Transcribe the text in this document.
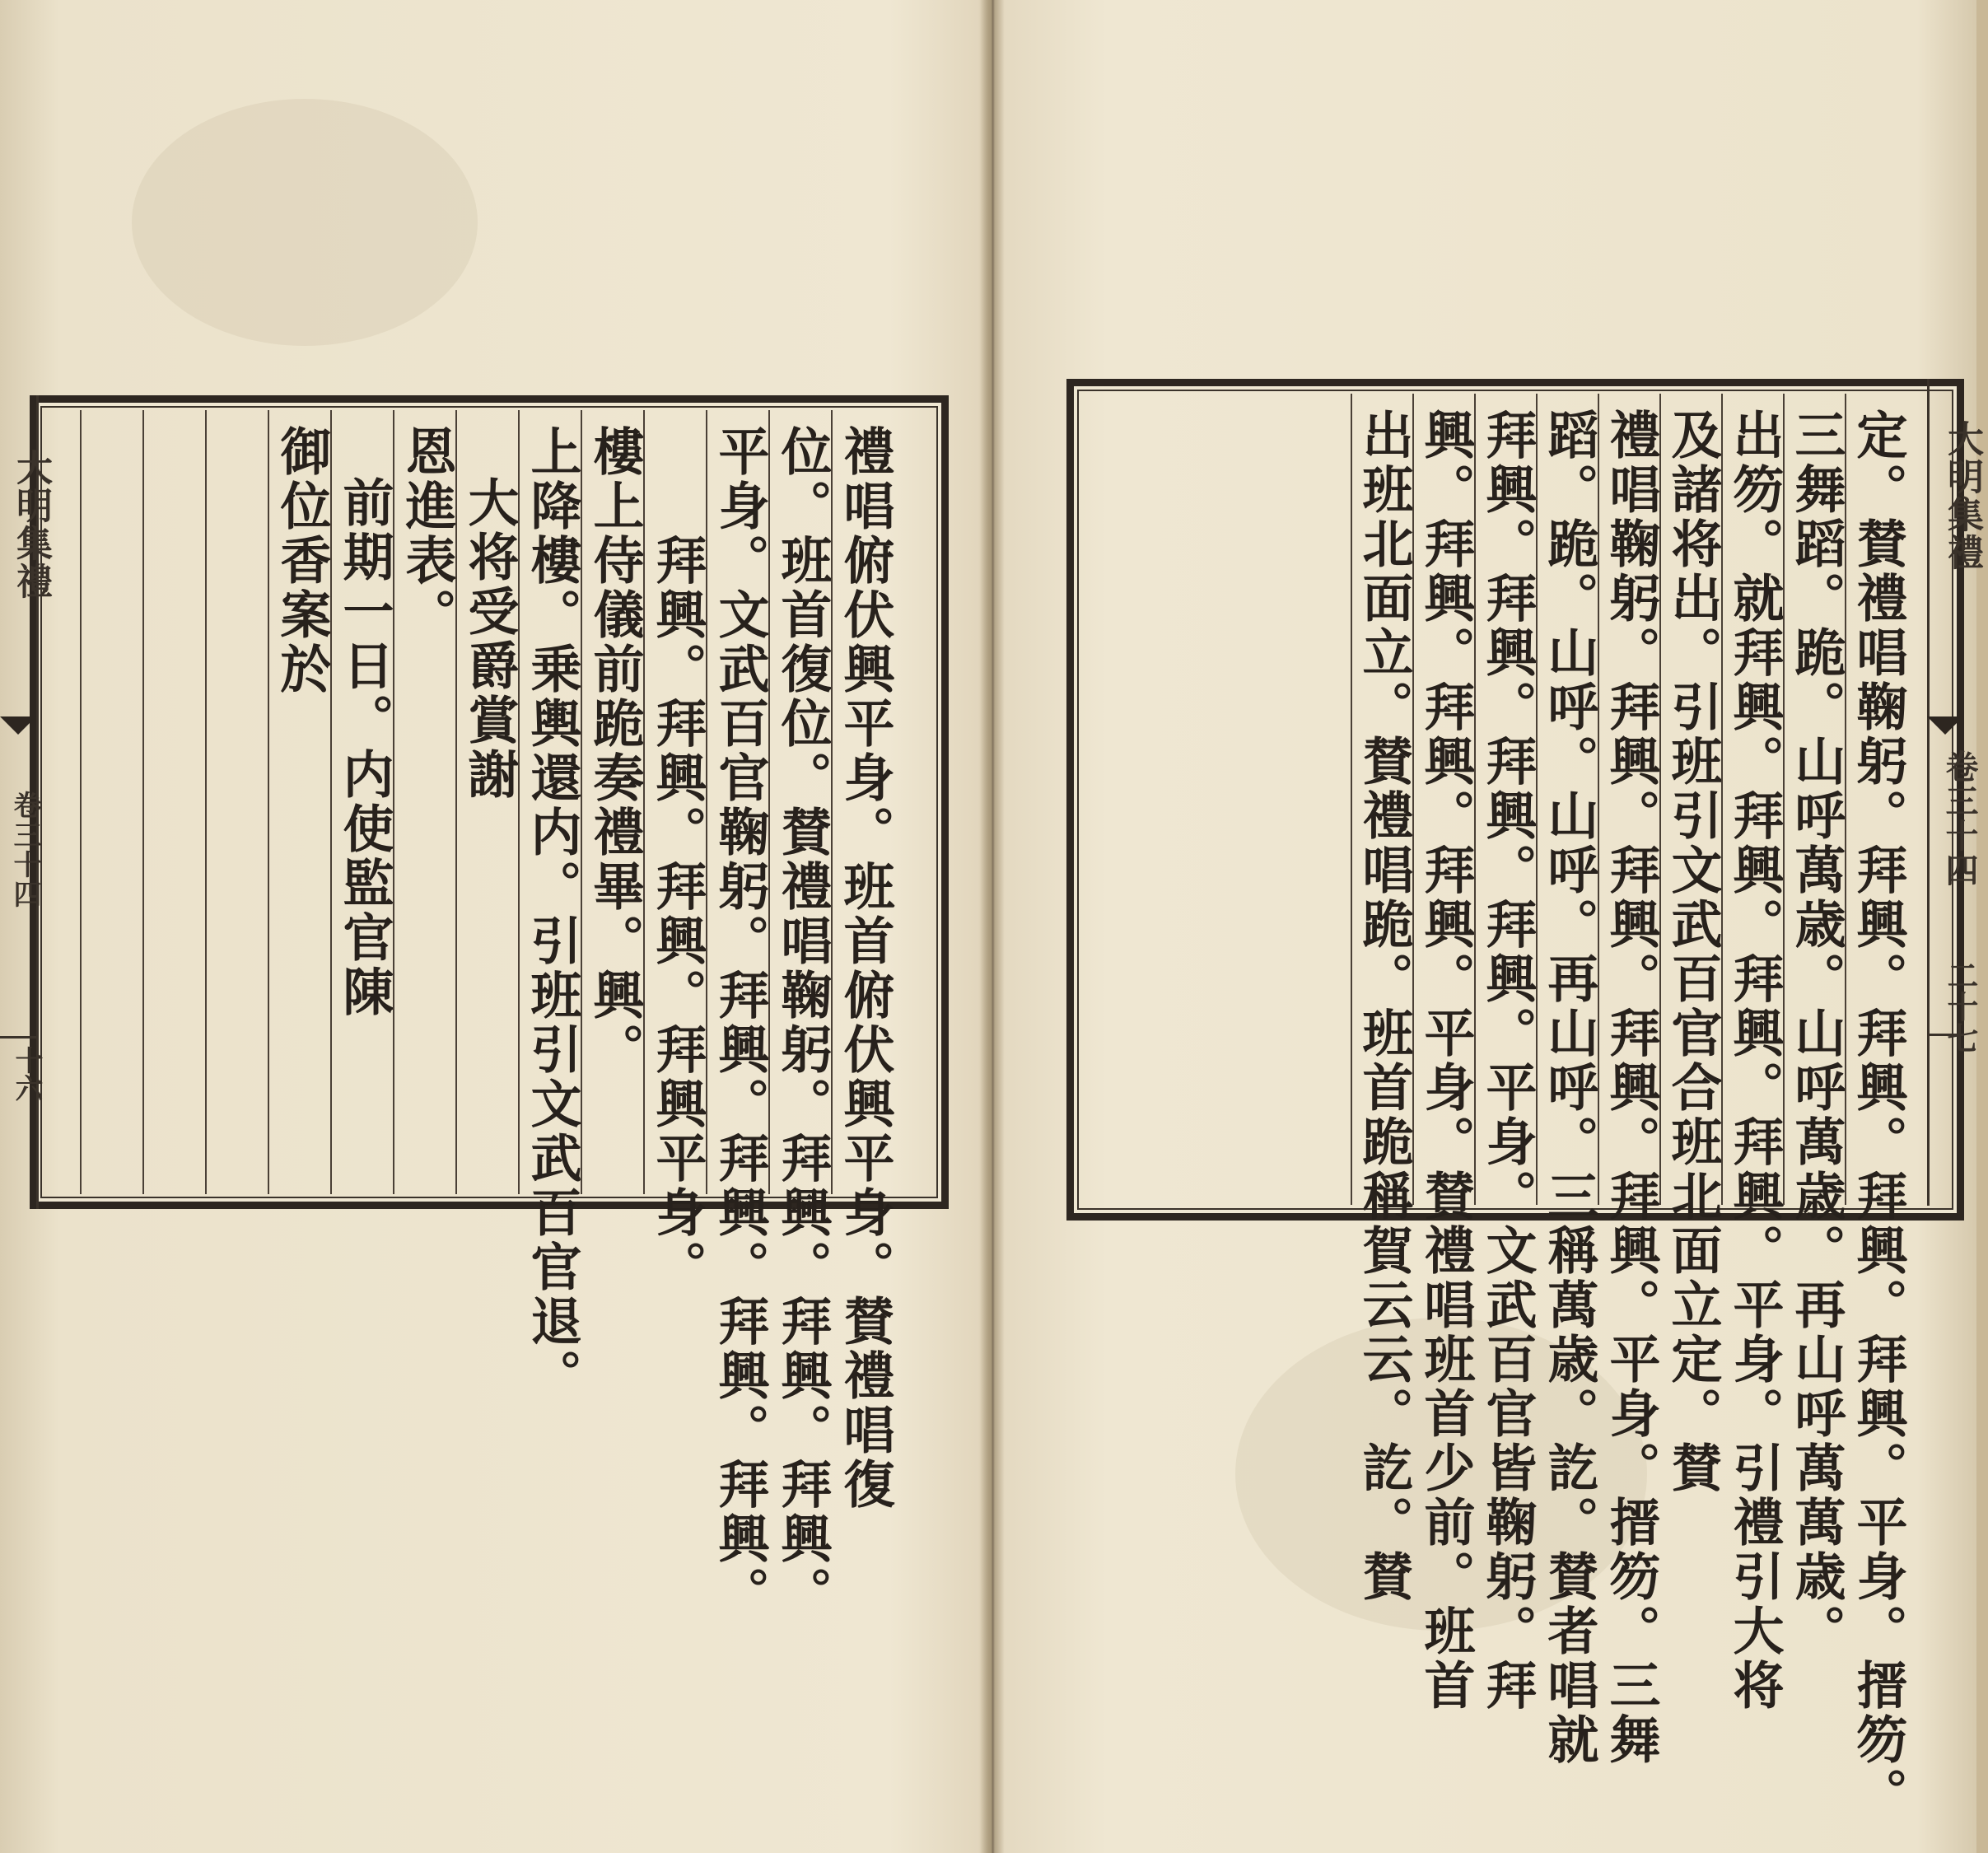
大明集禮
卷三十四
十六	禮唱俯伏興平身。班首俯伏興平身。賛禮唱復
位。班首復位。賛禮唱鞠躬。拜興。拜興。拜興。
平身。文武百官鞠躬。拜興。拜興。拜興。拜興。
拜興。拜興。拜興。拜興平身。
樓上侍儀前跪奏禮畢。興。
上降樓。乗輿還内。引班引文武百官退。
大将受爵賞謝
恩進表。
前期一日。内使監官陳
御位香案於	大明集禮
卷三十四
二十七
定。賛禮唱鞠躬。拜興。拜興。拜興。拜興。平身。搢笏。
三舞蹈。跪。山呼萬歳。山呼萬歳。再山呼萬萬歳。
出笏。就拜興。拜興。拜興。拜興。平身。引禮引大将
及諸将出。引班引文武百官合班北面立定。賛
禮唱鞠躬。拜興。拜興。拜興。拜興。平身。搢笏。三舞
蹈。跪。山呼。山呼。再山呼。三稱萬歳。訖。賛者唱就
拜興。拜興。拜興。拜興。平身。文武百官皆鞠躬。拜
興。拜興。拜興。拜興。平身。賛禮唱班首少前。班首
出班北面立。賛禮唱跪。班首跪稱賀云云。訖。賛
